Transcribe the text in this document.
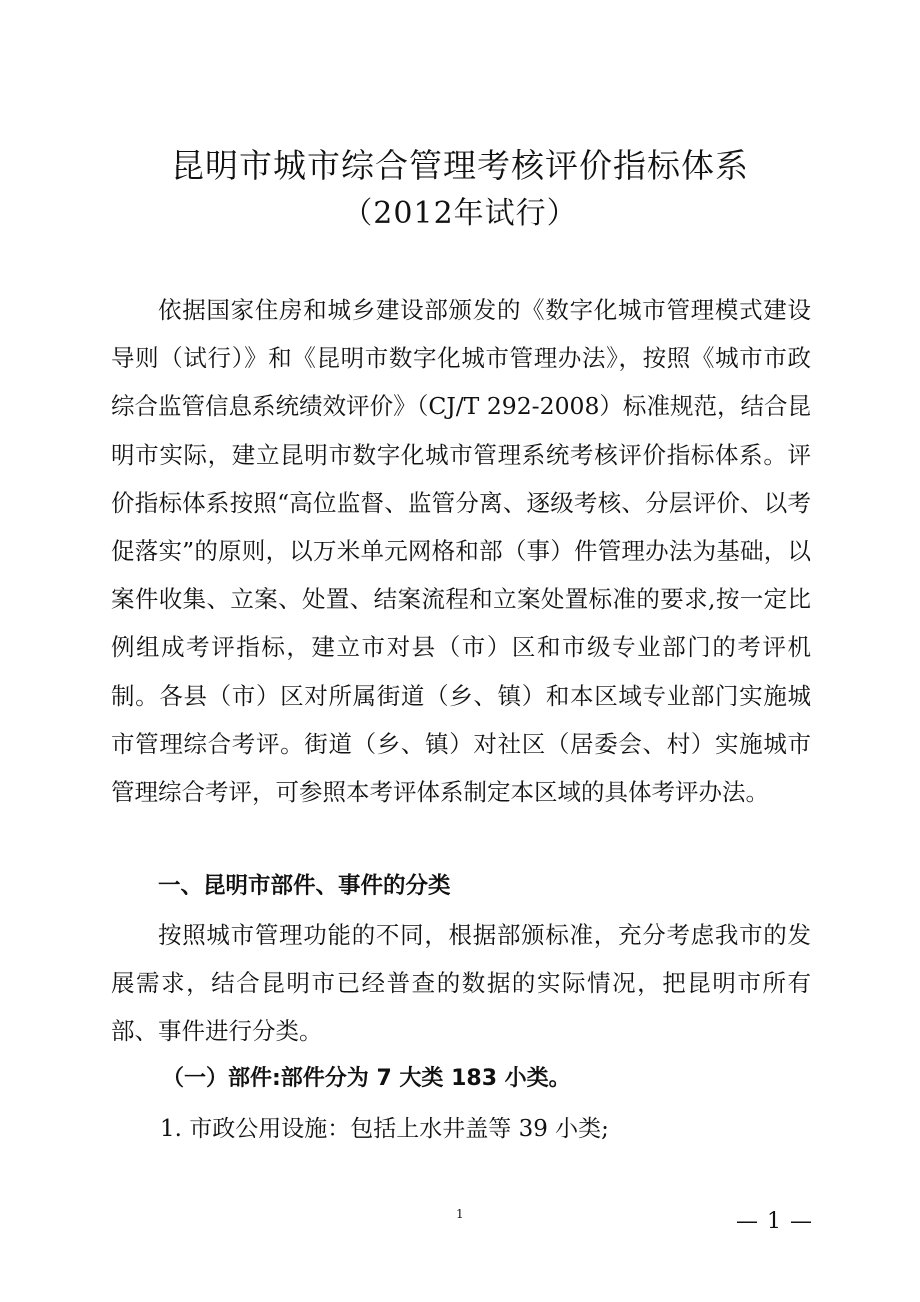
昆明市城市综合管理考核评价指标体系
（2012年试行）

依据国家住房和城乡建设部颁发的《数字化城市管理模式建设导则（试行）》和《昆明市数字化城市管理办法》，按照《城市市政综合监管信息系统绩效评价》（CJ/T 292-2008）标准规范，结合昆明市实际，建立昆明市数字化城市管理系统考核评价指标体系。评价指标体系按照“高位监督、监管分离、逐级考核、分层评价、以考促落实”的原则，以万米单元网格和部（事）件管理办法为基础，以案件收集、立案、处置、结案流程和立案处置标准的要求,按一定比例组成考评指标，建立市对县（市）区和市级专业部门的考评机制。各县（市）区对所属街道（乡、镇）和本区域专业部门实施城市管理综合考评。街道（乡、镇）对社区（居委会、村）实施城市管理综合考评，可参照本考评体系制定本区域的具体考评办法。

一、昆明市部件、事件的分类

按照城市管理功能的不同，根据部颁标准，充分考虑我市的发展需求，结合昆明市已经普查的数据的实际情况，把昆明市所有部、事件进行分类。

（一）部件:部件分为 7 大类 183 小类。

1. 市政公用设施：包括上水井盖等 39 小类;

1	— 1 —
